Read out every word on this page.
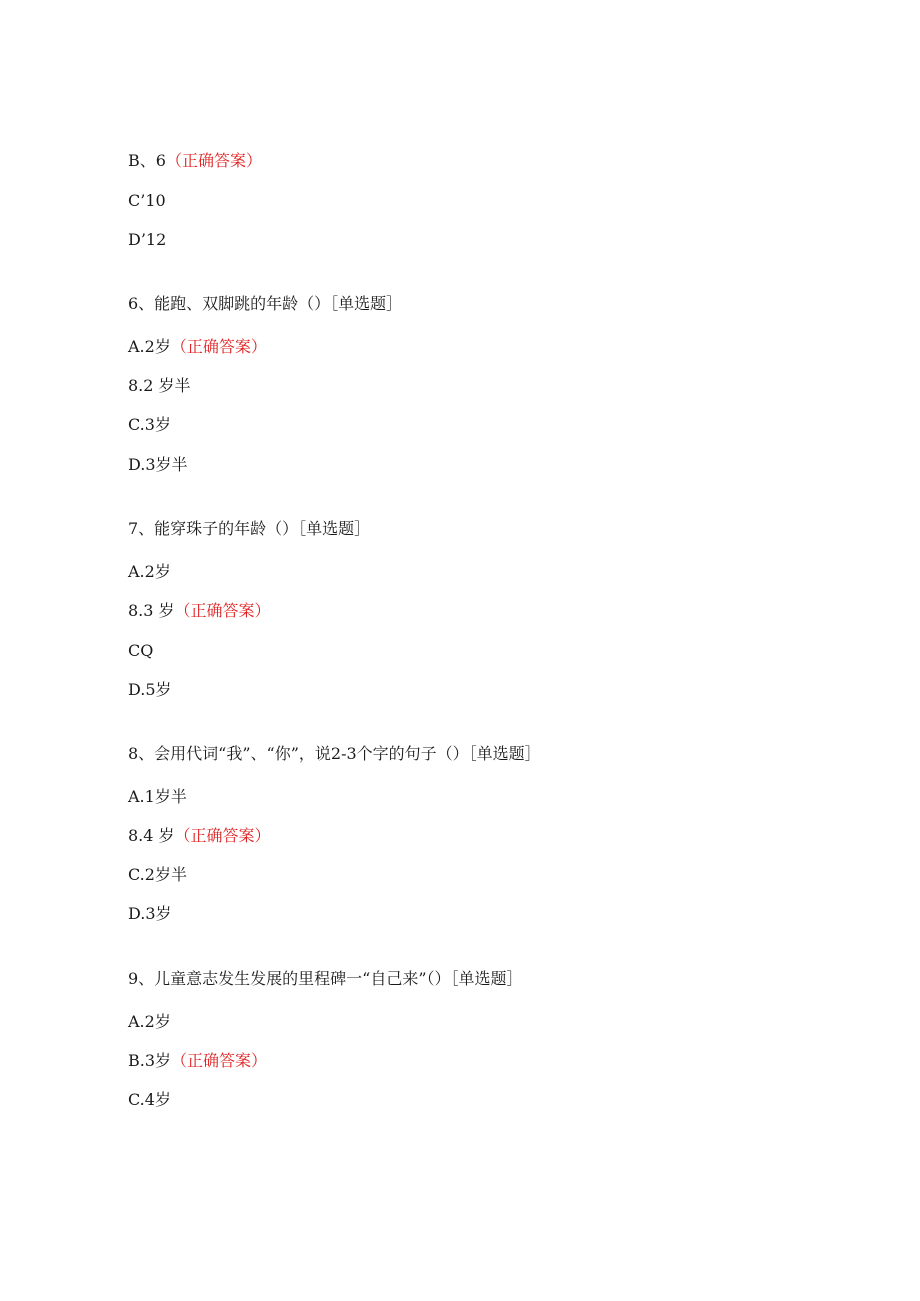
B、6（正确答案）
C’10
D’12
6、能跑、双脚跳的年龄（）［单选题］
A.2岁（正确答案）
8.2 岁半
C.3岁
D.3岁半
7、能穿珠子的年龄（）［单选题］
A.2岁
8.3 岁（正确答案）
CQ
D.5岁
8、会用代词“我”、“你”，说2-3个字的句子（）［单选题］
A.1岁半
8.4 岁（正确答案）
C.2岁半
D.3岁
9、儿童意志发生发展的里程碑一“自己来”（）［单选题］
A.2岁
B.3岁（正确答案）
C.4岁
